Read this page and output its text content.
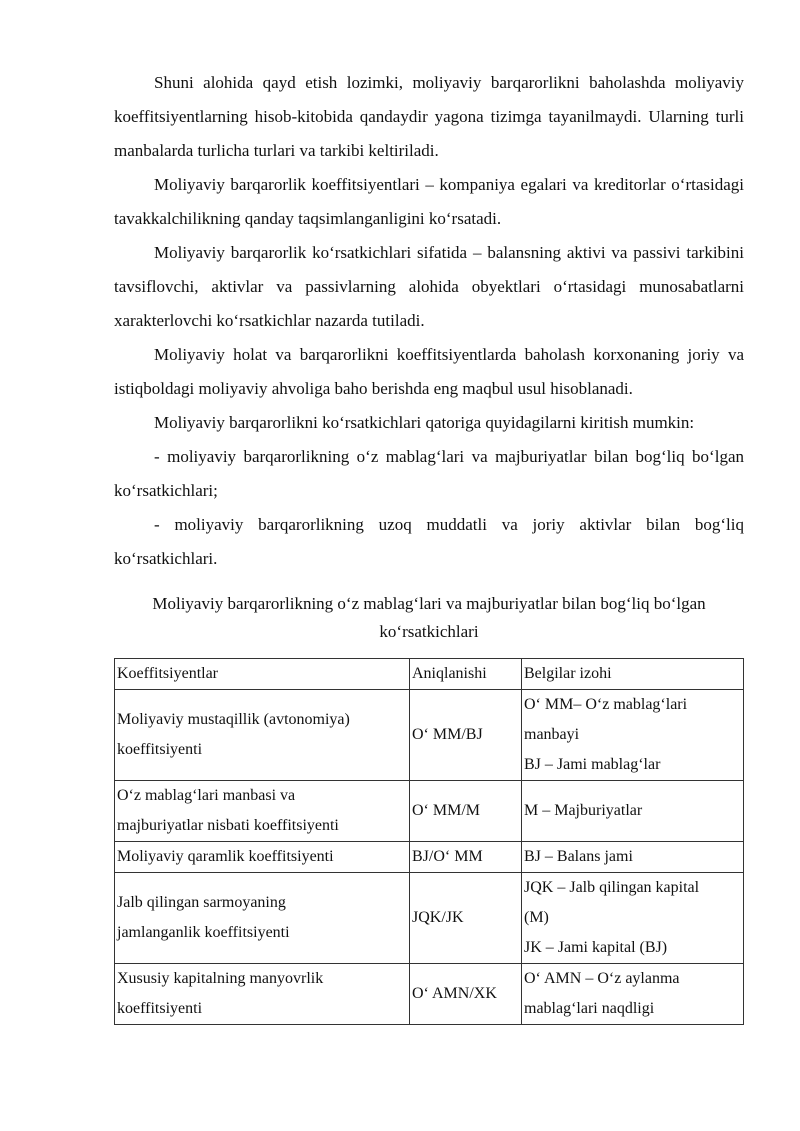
Shuni alohida qayd etish lozimki, moliyaviy barqarorlikni baholashda moliyaviy koeffitsiyentlarning hisob-kitobida qandaydir yagona tizimga tayanilmaydi. Ularning turli manbalarda turlicha turlari va tarkibi keltiriladi.

Moliyaviy barqarorlik koeffitsiyentlari – kompaniya egalari va kreditorlar oʻrtasidagi tavakkalchilikning qanday taqsimlanganligini koʻrsatadi.

Moliyaviy barqarorlik koʻrsatkichlari sifatida – balansning aktivi va passivi tarkibini tavsiflovchi, aktivlar va passivlarning alohida obyektlari oʻrtasidagi munosabatlarni xarakterlovchi koʻrsatkichlar nazarda tutiladi.

Moliyaviy holat va barqarorlikni koeffitsiyentlarda baholash korxonaning joriy va istiqboldagi moliyaviy ahvoliga baho berishda eng maqbul usul hisoblanadi.

Moliyaviy barqarorlikni koʻrsatkichlari qatoriga quyidagilarni kiritish mumkin:

- moliyaviy barqarorlikning oʻz mablagʻlari va majburiyatlar bilan bogʻliq boʻlgan koʻrsatkichlari;

- moliyaviy barqarorlikning uzoq muddatli va joriy aktivlar bilan bogʻliq koʻrsatkichlari.

Moliyaviy barqarorlikning oʻz mablagʻlari va majburiyatlar bilan bogʻliq boʻlgan
koʻrsatkichlari
Koeffitsiyentlar	Aniqlanishi	Belgilar izohi

Moliyaviy mustaqillik (avtonomiya)
koeffitsiyenti	Oʻ MM/BJ	Oʻ MM– Oʻz mablagʻlari
manbayi
BJ – Jami mablagʻlar

Oʻz mablagʻlari manbasi va
majburiyatlar nisbati koeffitsiyenti	Oʻ MM/M	M – Majburiyatlar

Moliyaviy qaramlik koeffitsiyenti	BJ/Oʻ MM	BJ – Balans jami

Jalb qilingan sarmoyaning
jamlanganlik koeffitsiyenti	JQK/JK	JQK – Jalb qilingan kapital
(M)
JK – Jami kapital (BJ)

Xususiy kapitalning manyovrlik
koeffitsiyenti	Oʻ AMN/XK	Oʻ AMN – Oʻz aylanma
mablagʻlari naqdligi
